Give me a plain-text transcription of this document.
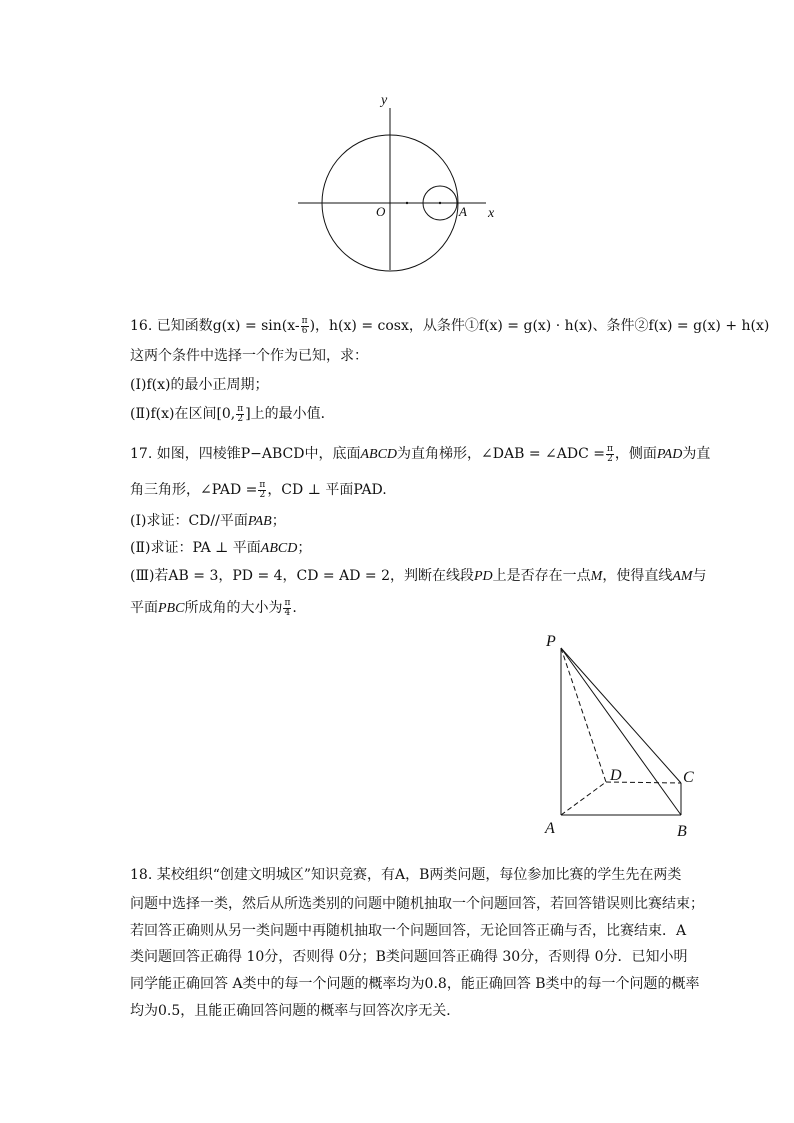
y
O	A x
16. 已知函数$g(x) = \sin(x- \frac{\pi}{6}$ )，h(x) = cosx，从条件①f(x) = g(x) · h(x)、条件②f(x) = g(x) + h(x)
这两个条件中选择一个作为已知，求：
(Ⅰ)f(x)的最小正周期；
(Ⅱ)f(x)在区间[0, $\frac{\pi}{2}$ ]上的最小值．
17. 如图，四棱锥P−ABCD中，底面ABCD为直角梯形，∠DAB = ∠ADC = $\frac{\pi}{2}$ ，侧面PAD为直
角三角形，∠PAD = $\frac{\pi}{2}$ ，CD ⊥ 平面PAD.
(Ⅰ)求证：CD//平面PAB；
(Ⅱ)求证：PA ⊥ 平面ABCD；
(Ⅲ)若AB = 3，PD = 4，CD = AD = 2，判断在线段PD上是否存在一点M，使得直线AM与
平面PBC所成角的大小为 $\frac{\pi}{4}$ .
P
D	C
A	B
18. 某校组织“创建文明城区”知识竞赛，有A，B两类问题，每位参加比赛的学生先在两类
问题中选择一类，然后从所选类别的问题中随机抽取一个问题回答，若回答错误则比赛结束；
若回答正确则从另一类问题中再随机抽取一个问题回答，无论回答正确与否，比赛结束．A
类问题回答正确得 10分，否则得 0分；B类问题回答正确得 30分，否则得 0分．已知小明
同学能正确回答 A类中的每一个问题的概率均为0.8，能正确回答 B类中的每一个问题的概率
均为0.5，且能正确回答问题的概率与回答次序无关．
